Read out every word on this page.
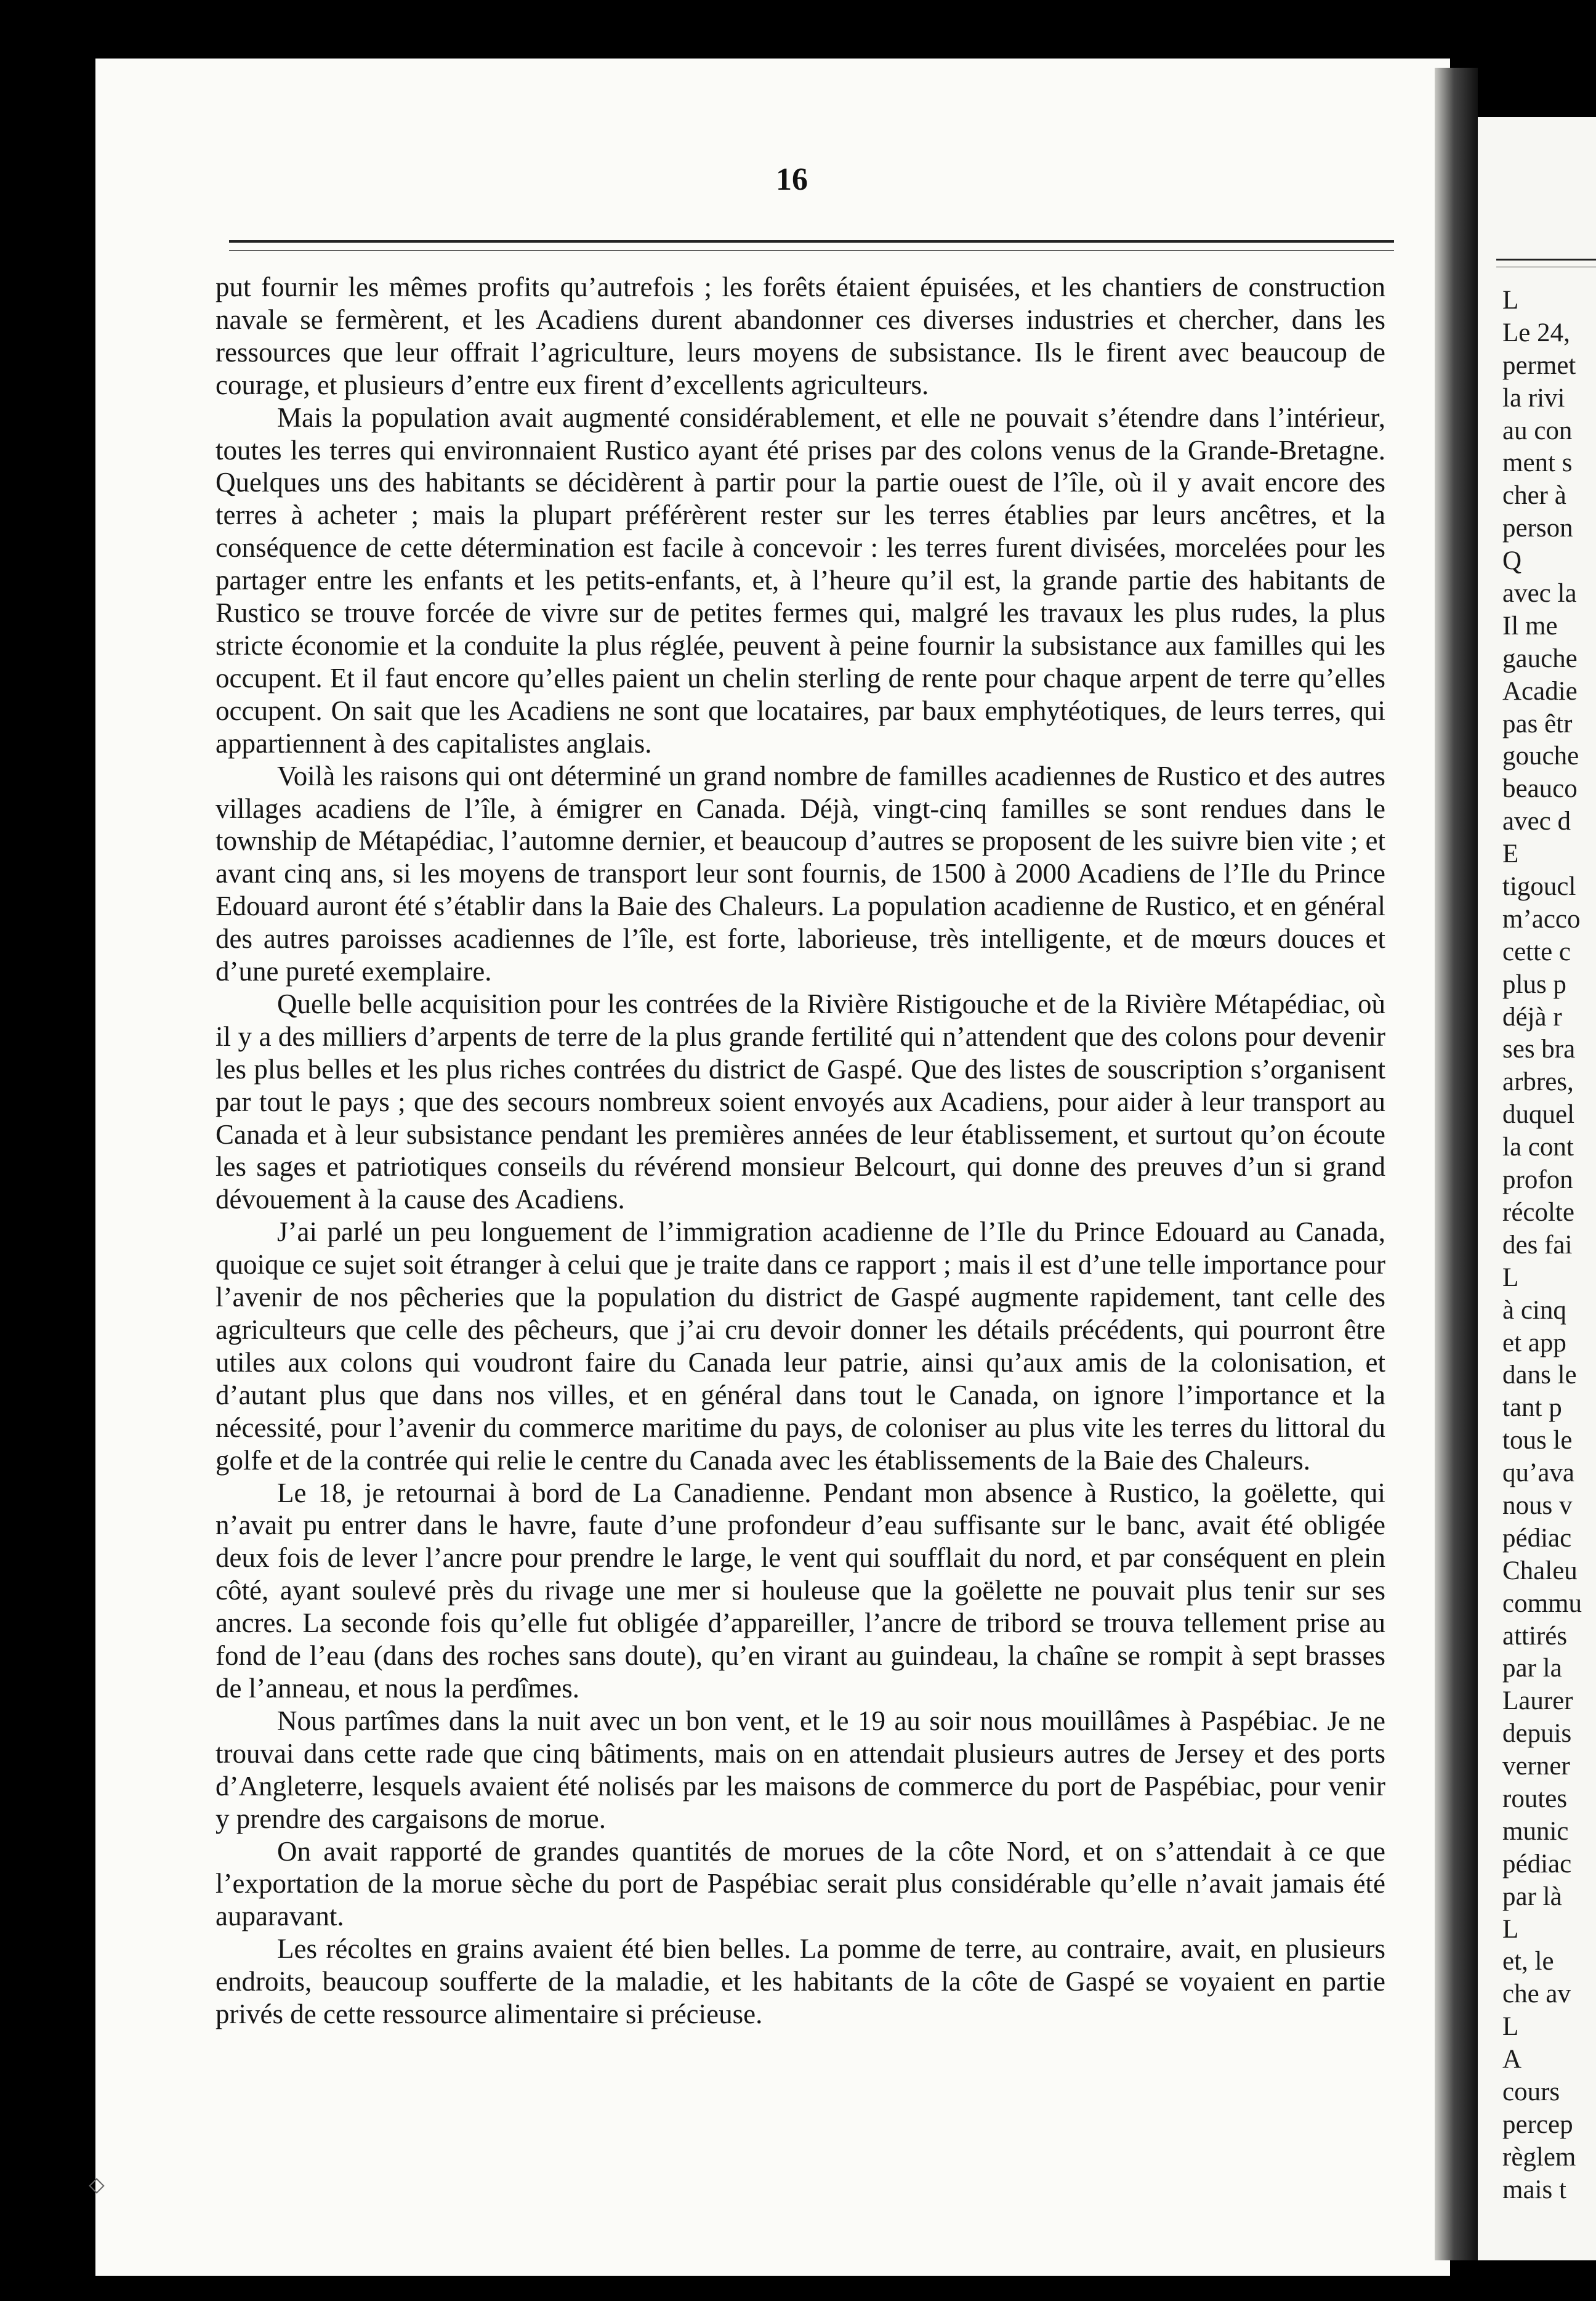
L
Le 24,
permet
la rivi
au con
ment s
cher à
person
Q
avec la
Il me
gauche
Acadie
pas êtr
gouche
beauco
avec d
E
tigoucl
m’acco
cette c
plus p
déjà r
ses bra
arbres,
duquel
la cont
profon
récolte
des fai
L
à cinq
et app
dans le
tant p
tous le
qu’ava
nous v
pédiac
Chaleu
commu
attirés
par la
Laurer
depuis
verner
routes
munic
pédiac
par là
L
et, le
che av
L
A
cours
percep
règlem
mais t
16

put fournir les mêmes profits qu’autrefois ; les forêts étaient épuisées, et les chantiers de construction navale se fermèrent, et les Acadiens durent abandonner ces diverses industries et chercher, dans les ressources que leur offrait l’agriculture, leurs moyens de subsistance. Ils le firent avec beaucoup de courage, et plusieurs d’entre eux firent d’excellents agriculteurs.

Mais la population avait augmenté considérablement, et elle ne pouvait s’étendre dans l’intérieur, toutes les terres qui environnaient Rustico ayant été prises par des colons venus de la Grande-Bretagne. Quelques uns des habitants se décidèrent à partir pour la partie ouest de l’île, où il y avait encore des terres à acheter ; mais la plupart préférèrent rester sur les terres établies par leurs ancêtres, et la conséquence de cette détermination est facile à concevoir : les terres furent divisées, morcelées pour les partager entre les enfants et les petits-enfants, et, à l’heure qu’il est, la grande partie des habitants de Rustico se trouve forcée de vivre sur de petites fermes qui, malgré les travaux les plus rudes, la plus stricte économie et la conduite la plus réglée, peuvent à peine fournir la subsistance aux familles qui les occupent. Et il faut encore qu’elles paient un chelin sterling de rente pour chaque arpent de terre qu’elles occupent. On sait que les Acadiens ne sont que locataires, par baux emphytéotiques, de leurs terres, qui appartiennent à des capitalistes anglais.

Voilà les raisons qui ont déterminé un grand nombre de familles acadiennes de Rustico et des autres villages acadiens de l’île, à émigrer en Canada. Déjà, vingt-cinq familles se sont rendues dans le township de Métapédiac, l’automne dernier, et beaucoup d’autres se proposent de les suivre bien vite ; et avant cinq ans, si les moyens de transport leur sont fournis, de 1500 à 2000 Acadiens de l’Ile du Prince Edouard auront été s’établir dans la Baie des Chaleurs. La population acadienne de Rustico, et en général des autres paroisses acadiennes de l’île, est forte, laborieuse, très intelligente, et de mœurs douces et d’une pureté exemplaire.

Quelle belle acquisition pour les contrées de la Rivière Ristigouche et de la Rivière Métapédiac, où il y a des milliers d’arpents de terre de la plus grande fertilité qui n’attendent que des colons pour devenir les plus belles et les plus riches contrées du district de Gaspé. Que des listes de souscription s’organisent par tout le pays ; que des secours nombreux soient envoyés aux Acadiens, pour aider à leur transport au Canada et à leur subsistance pendant les premières années de leur établissement, et surtout qu’on écoute les sages et patriotiques conseils du révérend monsieur Belcourt, qui donne des preuves d’un si grand dévouement à la cause des Acadiens.

J’ai parlé un peu longuement de l’immigration acadienne de l’Ile du Prince Edouard au Canada, quoique ce sujet soit étranger à celui que je traite dans ce rapport ; mais il est d’une telle importance pour l’avenir de nos pêcheries que la population du district de Gaspé augmente rapidement, tant celle des agriculteurs que celle des pêcheurs, que j’ai cru devoir donner les détails précédents, qui pourront être utiles aux colons qui voudront faire du Canada leur patrie, ainsi qu’aux amis de la colonisation, et d’autant plus que dans nos villes, et en général dans tout le Canada, on ignore l’importance et la nécessité, pour l’avenir du commerce maritime du pays, de coloniser au plus vite les terres du littoral du golfe et de la contrée qui relie le centre du Canada avec les établissements de la Baie des Chaleurs.

Le 18, je retournai à bord de La Canadienne. Pendant mon absence à Rustico, la goëlette, qui n’avait pu entrer dans le havre, faute d’une profondeur d’eau suffisante sur le banc, avait été obligée deux fois de lever l’ancre pour prendre le large, le vent qui soufflait du nord, et par conséquent en plein côté, ayant soulevé près du rivage une mer si houleuse que la goëlette ne pouvait plus tenir sur ses ancres. La seconde fois qu’elle fut obligée d’appareiller, l’ancre de tribord se trouva tellement prise au fond de l’eau (dans des roches sans doute), qu’en virant au guindeau, la chaîne se rompit à sept brasses de l’anneau, et nous la perdîmes.

Nous partîmes dans la nuit avec un bon vent, et le 19 au soir nous mouillâmes à Paspébiac. Je ne trouvai dans cette rade que cinq bâtiments, mais on en attendait plusieurs autres de Jersey et des ports d’Angleterre, lesquels avaient été nolisés par les maisons de commerce du port de Paspébiac, pour venir y prendre des cargaisons de morue.

On avait rapporté de grandes quantités de morues de la côte Nord, et on s’attendait à ce que l’exportation de la morue sèche du port de Paspébiac serait plus considérable qu’elle n’avait jamais été auparavant.

Les récoltes en grains avaient été bien belles. La pomme de terre, au contraire, avait, en plusieurs endroits, beaucoup soufferte de la maladie, et les habitants de la côte de Gaspé se voyaient en partie privés de cette ressource alimentaire si précieuse.
